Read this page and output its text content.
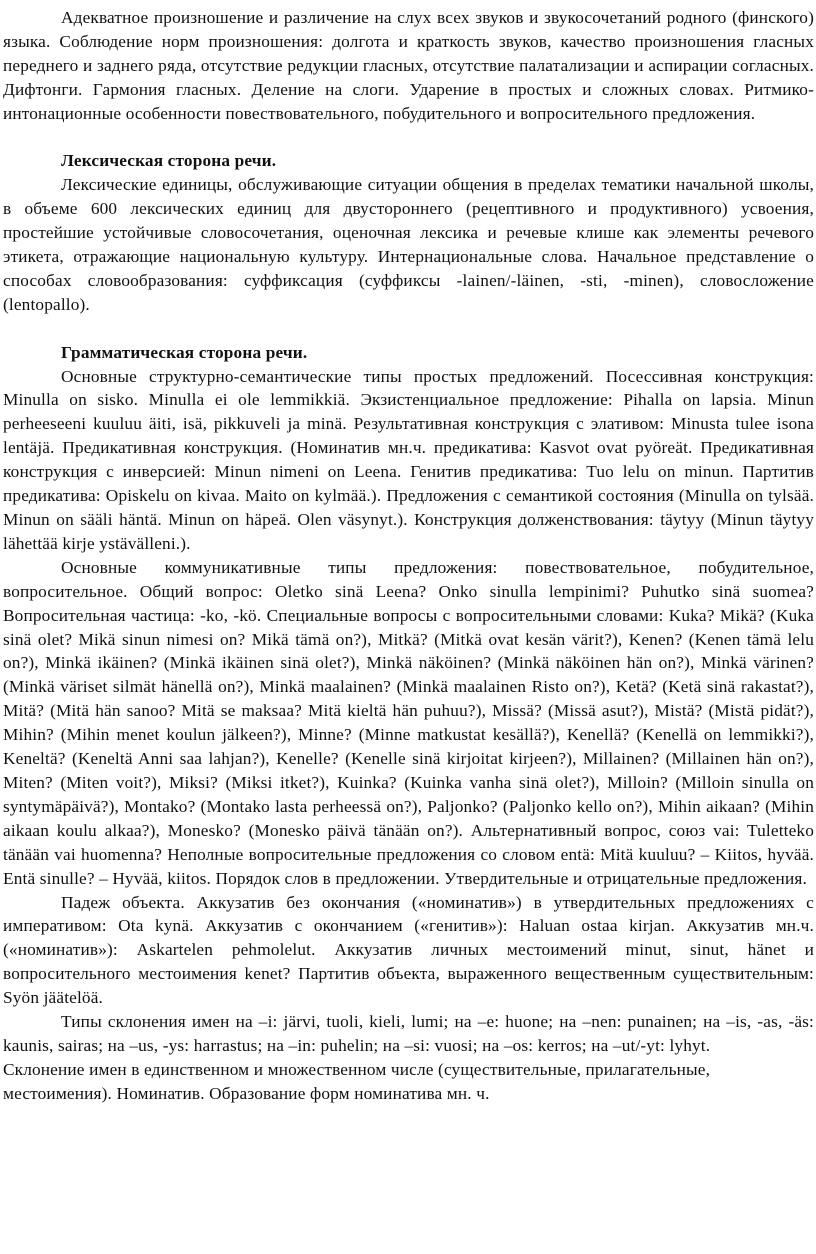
Адекватное произношение и различение на слух всех звуков и звукосочетаний родного (финского) языка. Соблюдение норм произношения: долгота и краткость звуков, качество произношения гласных переднего и заднего ряда, отсутствие редукции гласных, отсутствие палатализации и аспирации согласных. Дифтонги. Гармония гласных. Деление на слоги. Ударение в простых и сложных словах. Ритмико-интонационные особенности повествовательного, побудительного и вопросительного предложения.

Лексическая сторона речи.

Лексические единицы, обслуживающие ситуации общения в пределах тематики начальной школы, в объеме 600 лексических единиц для двустороннего (рецептивного и продуктивного) усвоения, простейшие устойчивые словосочетания, оценочная лексика и речевые клише как элементы речевого этикета, отражающие национальную культуру. Интернациональные слова. Начальное представление о способах словообразования: суффиксация (суффиксы -lainen/-läinen, -sti, -minen), словосложение (lentopallo).

Грамматическая сторона речи.

Основные структурно-семантические типы простых предложений. Посессивная конструкция: Minulla on sisko. Minulla ei ole lemmikkiä. Экзистенциальное предложение: Pihalla on lapsia. Minun perheeseeni kuuluu äiti, isä, pikkuveli ja minä. Результативная конструкция с элативом: Minusta tulee isona lentäjä. Предикативная конструкция. (Номинатив мн.ч. предикатива: Kasvot ovat pyöreät. Предикативная конструкция с инверсией: Minun nimeni on Leena. Генитив предикатива: Tuo lelu on minun. Партитив предикатива: Opiskelu on kivaa. Maito on kylmää.). Предложения с семантикой состояния (Minulla on tylsää. Minun on sääli häntä. Minun on häpeä. Olen väsynyt.). Конструкция долженствования: täytyy (Minun täytyy lähettää kirje ystävälleni.).

Основные коммуникативные типы предложения: повествовательное, побудительное, вопросительное. Общий вопрос: Oletko sinä Leena? Onko sinulla lempinimi? Puhutko sinä suomea? Вопросительная частица: -ko, -kö. Специальные вопросы с вопросительными словами: Kuka? Mikä? (Kuka sinä olet? Mikä sinun nimesi on? Mikä tämä on?), Mitkä? (Mitkä ovat kesän värit?), Kenen? (Kenen tämä lelu on?), Minkä ikäinen? (Minkä ikäinen sinä olet?), Minkä näköinen? (Minkä näköinen hän on?), Minkä värinen? (Minkä väriset silmät hänellä on?), Minkä maalainen? (Minkä maalainen Risto on?), Ketä? (Ketä sinä rakastat?), Mitä? (Mitä hän sanoo? Mitä se maksaa? Mitä kieltä hän puhuu?), Missä? (Missä asut?), Mistä? (Mistä pidät?), Mihin? (Mihin menet koulun jälkeen?), Minne? (Minne matkustat kesällä?), Kenellä? (Kenellä on lemmikki?), Keneltä? (Keneltä Anni saa lahjan?), Kenelle? (Kenelle sinä kirjoitat kirjeen?), Millainen? (Millainen hän on?), Miten? (Miten voit?), Miksi? (Miksi itket?), Kuinka? (Kuinka vanha sinä olet?), Milloin? (Milloin sinulla on syntymäpäivä?), Montako? (Montako lasta perheessä on?), Paljonko? (Paljonko kello on?), Mihin aikaan? (Mihin aikaan koulu alkaa?), Monesko? (Monesko päivä tänään on?). Альтернативный вопрос, союз vai: Tuletteko tänään vai huomenna? Неполные вопросительные предложения со словом entä: Mitä kuuluu? – Kiitos, hyvää. Entä sinulle? – Hyvää, kiitos. Порядок слов в предложении. Утвердительные и отрицательные предложения.

Падеж объекта. Аккузатив без окончания («номинатив») в утвердительных предложениях с императивом: Ota kynä. Аккузатив с окончанием («генитив»): Haluan ostaa kirjan. Аккузатив мн.ч. («номинатив»): Askartelen pehmolelut. Аккузатив личных местоимений minut, sinut, hänet и вопросительного местоимения kenet? Партитив объекта, выраженного вещественным существительным: Syön jäätelöä.

Типы склонения имен на –i: järvi, tuoli, kieli, lumi; на –e: huone; на –nen: punainen; на –is, -as, -äs: kaunis, sairas; на –us, -ys: harrastus; на –in: puhelin; на –si: vuosi; на –os: kerros; на –ut/-yt: lyhyt.

Склонение имен в единственном и множественном числе (существительные, прилагательные, местоимения). Номинатив. Образование форм номинатива мн. ч.
